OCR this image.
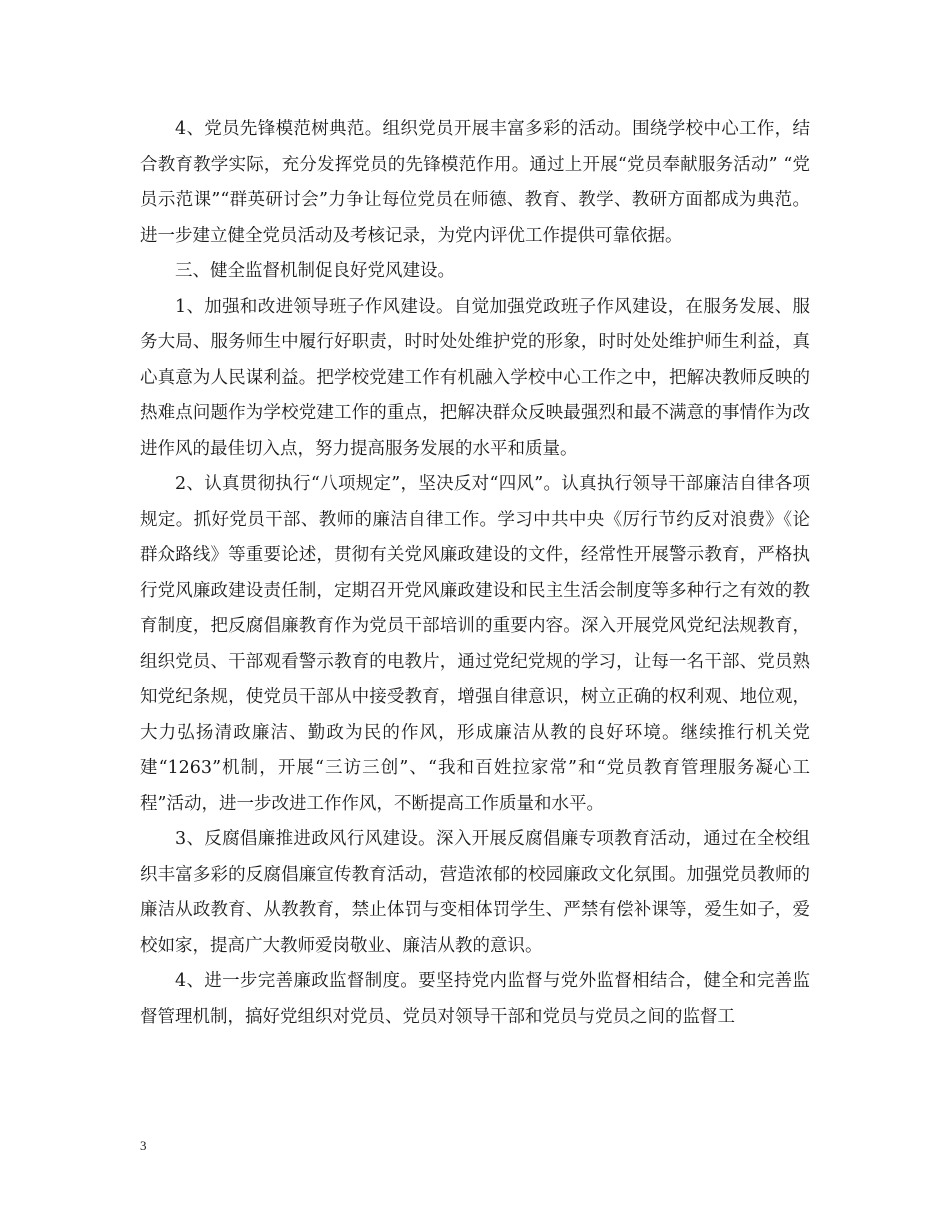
4、党员先锋模范树典范。组织党员开展丰富多彩的活动。围绕学校中心工作，结合教育教学实际，充分发挥党员的先锋模范作用。通过上开展“党员奉献服务活动” “党员示范课”“群英研讨会”力争让每位党员在师德、教育、教学、教研方面都成为典范。进一步建立健全党员活动及考核记录，为党内评优工作提供可靠依据。

三、健全监督机制促良好党风建设。

1、加强和改进领导班子作风建设。自觉加强党政班子作风建设，在服务发展、服务大局、服务师生中履行好职责，时时处处维护党的形象，时时处处维护师生利益，真心真意为人民谋利益。把学校党建工作有机融入学校中心工作之中，把解决教师反映的热难点问题作为学校党建工作的重点，把解决群众反映最强烈和最不满意的事情作为改进作风的最佳切入点，努力提高服务发展的水平和质量。

2、认真贯彻执行“八项规定”，坚决反对“四风”。认真执行领导干部廉洁自律各项规定。抓好党员干部、教师的廉洁自律工作。学习中共中央《厉行节约反对浪费》《论群众路线》等重要论述，贯彻有关党风廉政建设的文件，经常性开展警示教育，严格执行党风廉政建设责任制，定期召开党风廉政建设和民主生活会制度等多种行之有效的教育制度，把反腐倡廉教育作为党员干部培训的重要内容。深入开展党风党纪法规教育，组织党员、干部观看警示教育的电教片，通过党纪党规的学习，让每一名干部、党员熟知党纪条规，使党员干部从中接受教育，增强自律意识，树立正确的权利观、地位观，大力弘扬清政廉洁、勤政为民的作风，形成廉洁从教的良好环境。继续推行机关党建“1263”机制，开展“三访三创”、“我和百姓拉家常”和“党员教育管理服务凝心工程”活动，进一步改进工作作风，不断提高工作质量和水平。

3、反腐倡廉推进政风行风建设。深入开展反腐倡廉专项教育活动，通过在全校组织丰富多彩的反腐倡廉宣传教育活动，营造浓郁的校园廉政文化氛围。加强党员教师的廉洁从政教育、从教教育，禁止体罚与变相体罚学生、严禁有偿补课等，爱生如子，爱校如家，提高广大教师爱岗敬业、廉洁从教的意识。

4、进一步完善廉政监督制度。要坚持党内监督与党外监督相结合，健全和完善监督管理机制，搞好党组织对党员、党员对领导干部和党员与党员之间的监督工

3
